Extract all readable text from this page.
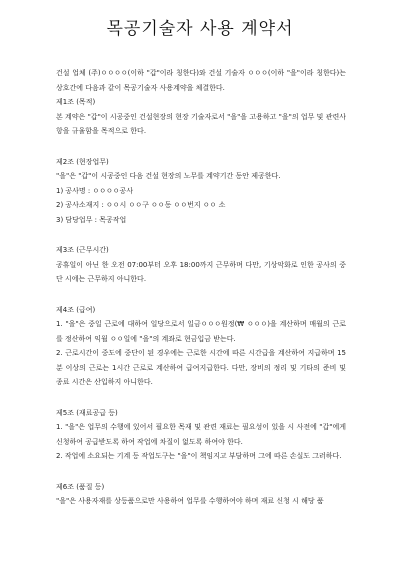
목공기술자 사용 계약서

건설 업체 (주)ㅇㅇㅇㅇ(이하 "갑"이라 칭한다)와 건설 기술자 ㅇㅇㅇ(이하 "을"이라 칭한다)는 상호간에 다음과 같이 목공기술자 사용계약을 체결한다.

제1조 (목적)
본 계약은 "갑"이 시공중인 건설현장의 현장 기술자로서 "을"을 고용하고 "을"의 업무 및 관련사항을 규율함을 목적으로 한다.
제2조 (현장업무)
"을"은 "갑"이 시공중인 다음 건설 현장의 노무를 계약기간 동안 제공한다.
1) 공사명 : ㅇㅇㅇㅇ공사
2) 공사소재지 : ㅇㅇ시 ㅇㅇ구 ㅇㅇ동 ㅇㅇ번지 ㅇㅇ 소
3) 담당업무 : 목공작업
제3조 (근무시간)
공휴일이 아닌 한 오전 07:00부터 오후 18:00까지 근무하며 다만, 기상악화로 인한 공사의 중단 시에는 근무하지 아니한다.
제4조 (급여)
1. "을"은 중일 근로에 대하여 일당으로서 일금ㅇㅇㅇ원정(₩ ㅇㅇㅇ)을 계산하며 매월의 근로를 정산하여 익월 ㅇㅇ일에 "을"의 계좌로 현금입금 받는다.
2. 근로시간이 중도에 중단이 된 경우에는 근로한 시간에 따른 시간급을 계산하여 지급하며 15분 이상의 근로는 1시간 근로로 계산하여 급여지급한다. 다만, 장비의 정리 및 기타의 준비 및 종료 시간은 산입하지 아니한다.
제5조 (재료공급 등)
1. "을"은 업무의 수행에 있어서 필요한 목재 및 관련 재료는 필요성이 있을 시 사전에 "갑"에게 신청하여 공급받도록 하여 작업에 차질이 없도록 하여야 한다.
2. 작업에 소요되는 기계 등 작업도구는 "을"이 책임지고 부담하며 그에 따른 손실도 그러하다.
제6조 (품질 등)
"을"은 사용자재를 상등품으로만 사용하여 업무를 수행하여야 하며 재료 신청 시 해당 품
